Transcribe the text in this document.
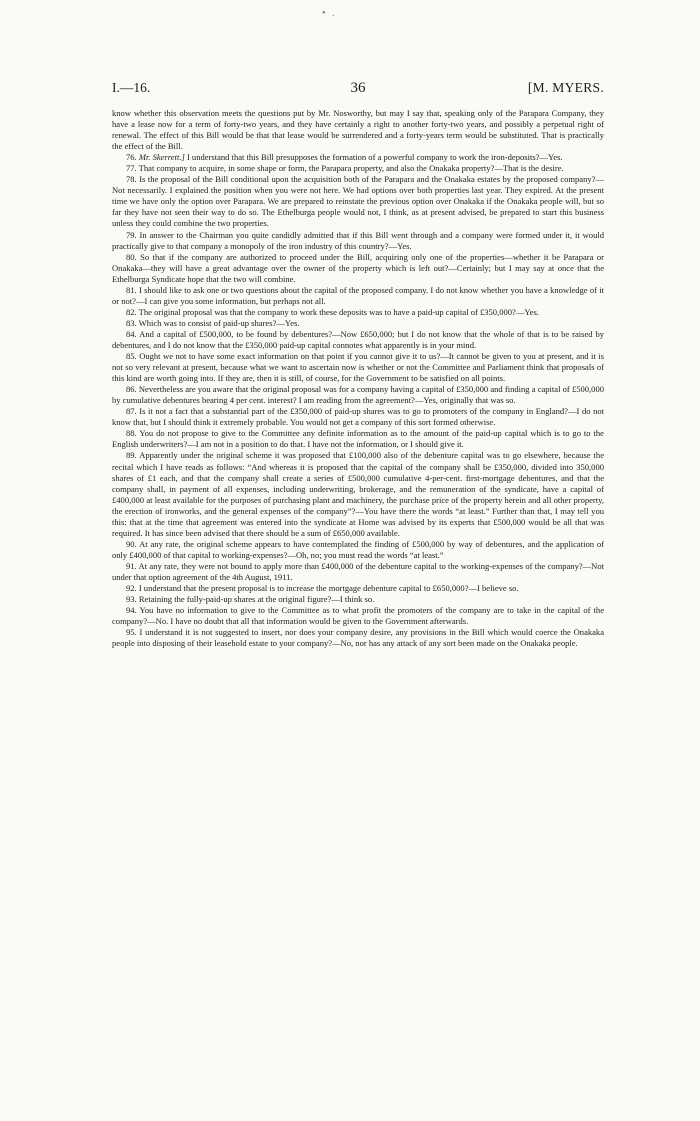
• .
I.—16.	36	[M. MYERS.

know whether this observation meets the questions put by Mr. Nosworthy, but may I say that, speaking only of the Parapara Company, they have a lease now for a term of forty-two years, and they have certainly a right to another forty-two years, and possibly a perpetual right of renewal. The effect of this Bill would be that that lease would be surrendered and a forty-years term would be substituted. That is practically the effect of the Bill.

76. Mr. Skerrett.] I understand that this Bill presupposes the formation of a powerful company to work the iron-deposits?—Yes.

77. That company to acquire, in some shape or form, the Parapara property, and also the Onakaka property?—That is the desire.

78. Is the proposal of the Bill conditional upon the acquisition both of the Parapara and the Onakaka estates by the proposed company?—Not necessarily. I explained the position when you were not here. We had options over both properties last year. They expired. At the present time we have only the option over Parapara. We are prepared to reinstate the previous option over Onakaka if the Onakaka people will, but so far they have not seen their way to do so. The Ethelburga people would not, I think, as at present advised, be prepared to start this business unless they could combine the two properties.

79. In answer to the Chairman you quite candidly admitted that if this Bill went through and a company were formed under it, it would practically give to that company a monopoly of the iron industry of this country?—Yes.

80. So that if the company are authorized to proceed under the Bill, acquiring only one of the properties—whether it be Parapara or Onakaka—they will have a great advantage over the owner of the property which is left out?—Certainly; but I may say at once that the Ethelburga Syndicate hope that the two will combine.

81. I should like to ask one or two questions about the capital of the proposed company. I do not know whether you have a knowledge of it or not?—I can give you some information, but perhaps not all.

82. The original proposal was that the company to work these deposits was to have a paid-up capital of £350,000?—Yes.

83. Which was to consist of paid-up shares?—Yes.

84. And a capital of £500,000, to be found by debentures?—Now £650,000; but I do not know that the whole of that is to be raised by debentures, and I do not know that the £350,000 paid-up capital connotes what apparently is in your mind.

85. Ought we not to have some exact information on that point if you cannot give it to us?—It cannot be given to you at present, and it is not so very relevant at present, because what we want to ascertain now is whether or not the Committee and Parliament think that proposals of this kind are worth going into. If they are, then it is still, of course, for the Government to be satisfied on all points.

86. Nevertheless are you aware that the original proposal was for a company having a capital of £350,000 and finding a capital of £500,000 by cumulative debentures bearing 4 per cent. interest? I am reading from the agreement?—Yes, originally that was so.

87. Is it not a fact that a substantial part of the £350,000 of paid-up shares was to go to promoters of the company in England?—I do not know that, but I should think it extremely probable. You would not get a company of this sort formed otherwise.

88. You do not propose to give to the Committee any definite information as to the amount of the paid-up capital which is to go to the English underwriters?—I am not in a position to do that. I have not the information, or I should give it.

89. Apparently under the original scheme it was proposed that £100,000 also of the debenture capital was to go elsewhere, because the recital which I have reads as follows: “And whereas it is proposed that the capital of the company shall be £350,000, divided into 350,000 shares of £1 each, and that the company shall create a series of £500,000 cumulative 4-per-cent. first-mortgage debentures, and that the company shall, in payment of all expenses, including underwriting, brokerage, and the remuneration of the syndicate, have a capital of £400,000 at least available for the purposes of purchasing plant and machinery, the purchase price of the property herein and all other property, the erection of ironworks, and the general expenses of the company”?—You have there the words “at least.” Further than that, I may tell you this: that at the time that agreement was entered into the syndicate at Home was advised by its experts that £500,000 would be all that was required. It has since been advised that there should be a sum of £650,000 available.

90. At any rate, the original scheme appears to have contemplated the finding of £500,000 by way of debentures, and the application of only £400,000 of that capital to working-expenses?—Oh, no; you must read the words “at least.”

91. At any rate, they were not bound to apply more than £400,000 of the debenture capital to the working-expenses of the company?—Not under that option agreement of the 4th August, 1911.

92. I understand that the present proposal is to increase the mortgage debenture capital to £650,000?—I believe so.

93. Retaining the fully-paid-up shares at the original figure?—I think so.

94. You have no information to give to the Committee as to what profit the promoters of the company are to take in the capital of the company?—No. I have no doubt that all that information would be given to the Government afterwards.

95. I understand it is not suggested to insert, nor does your company desire, any provisions in the Bill which would coerce the Onakaka people into disposing of their leasehold estate to your company?—No, nor has any attack of any sort been made on the Onakaka people.
